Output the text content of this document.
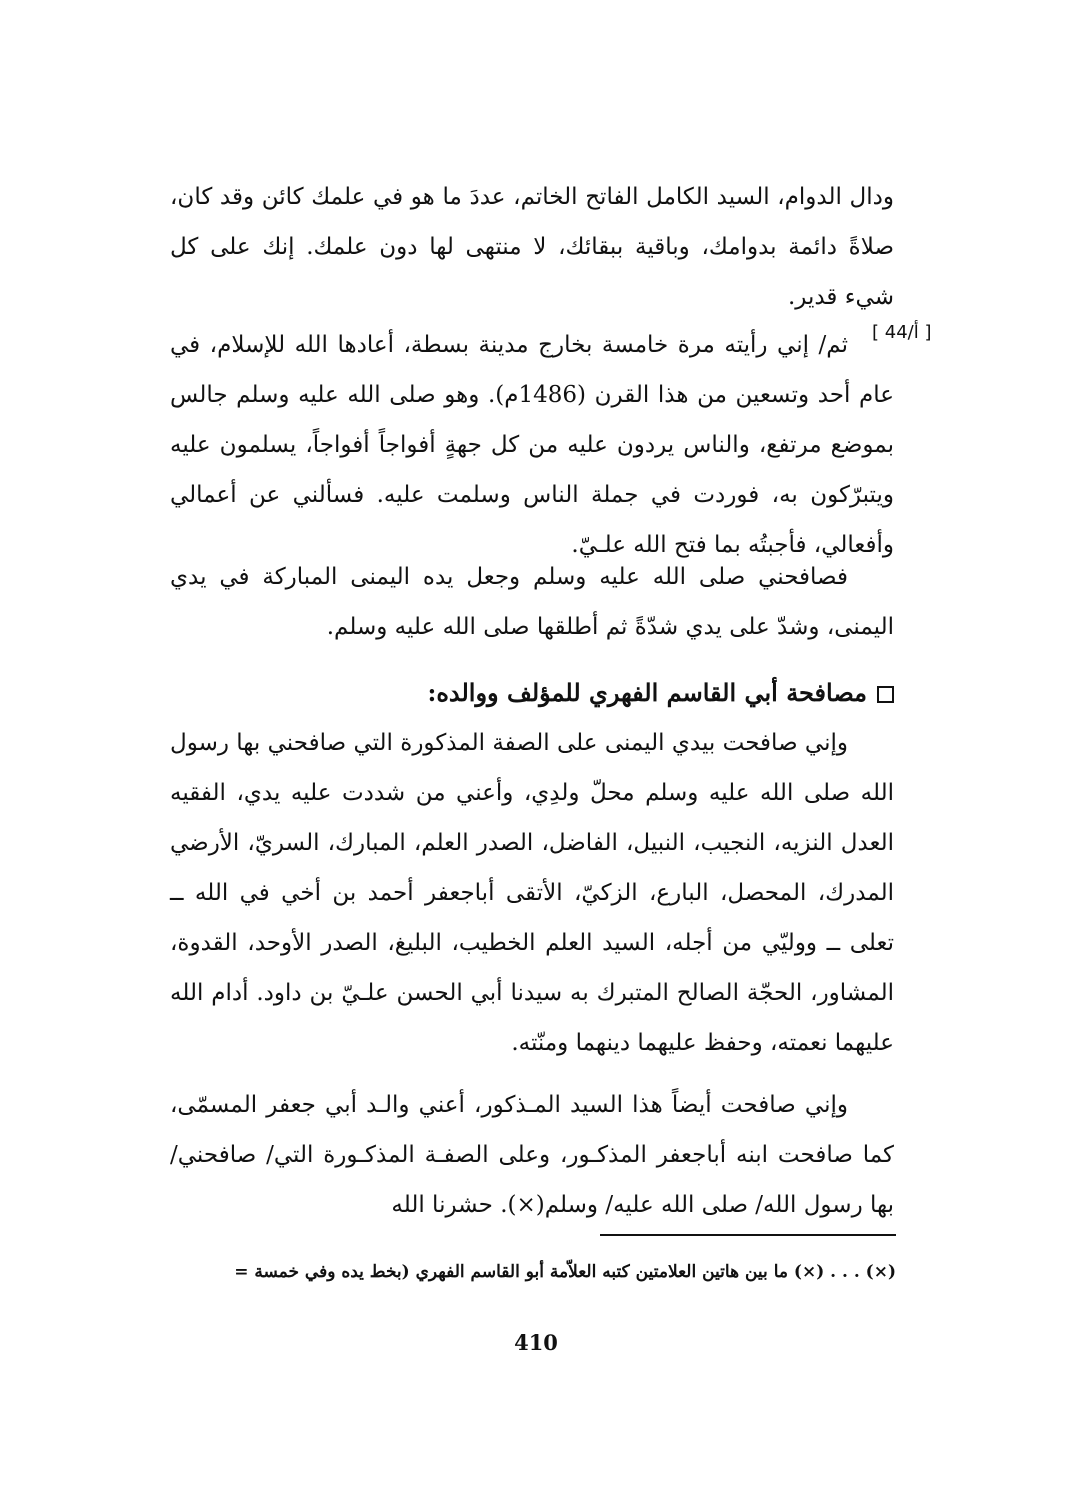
ودال الدوام، السيد الكامل الفاتح الخاتم، عددَ ما هو في علمك كائن وقد كان، صلاةً دائمة بدوامك، وباقية ببقائك، لا منتهى لها دون علمك. إنك على كل شيء قدير.

[ 44/أ ]

ثم/ إني رأيته مرة خامسة بخارج مدينة بسطة، أعادها الله للإسلام، في عام أحد وتسعين من هذا القرن (1486م). وهو صلى الله عليه وسلم جالس بموضع مرتفع، والناس يردون عليه من كل جهةٍ أفواجاً أفواجاً، يسلمون عليه ويتبرّكون به، فوردت في جملة الناس وسلمت عليه. فسألني عن أعمالي وأفعالي، فأجبتُه بما فتح الله علـيّ.

فصافحني صلى الله عليه وسلم وجعل يده اليمنى المباركة في يدي اليمنى، وشدّ على يدي شدّةً ثم أطلقها صلى الله عليه وسلم.

مصافحة أبي القاسم الفهري للمؤلف ووالده:

وإني صافحت بيدي اليمنى على الصفة المذكورة التي صافحني بها رسول الله صلى الله عليه وسلم محلّ ولدِي، وأعني من شددت عليه يدي، الفقيه العدل النزيه، النجيب، النبيل، الفاضل، الصدر العلم، المبارك، السريّ، الأرضي المدرك، المحصل، البارع، الزكيّ، الأتقى أباجعفر أحمد بن أخي في الله ــ تعلى ــ ووليّي من أجله، السيد العلم الخطيب، البليغ، الصدر الأوحد، القدوة، المشاور، الحجّة الصالح المتبرك به سيدنا أبي الحسن علـيّ بن داود. أدام الله عليهما نعمته، وحفظ عليهما دينهما ومنّته.

وإني صافحت أيضاً هذا السيد المـذكور، أعني والـد أبي جعفر المسمّى، كما صافحت ابنه أباجعفر المذكـور، وعلى الصفـة المذكـورة التي/ صافحني/ بها رسول الله/ صلى الله عليه/ وسلم(×). حشرنا الله

(×) . . . (×) ما بين هاتين العلامتين كتبه العلاّمة أبو القاسم الفهري (بخط يده وفي خمسة =
410
